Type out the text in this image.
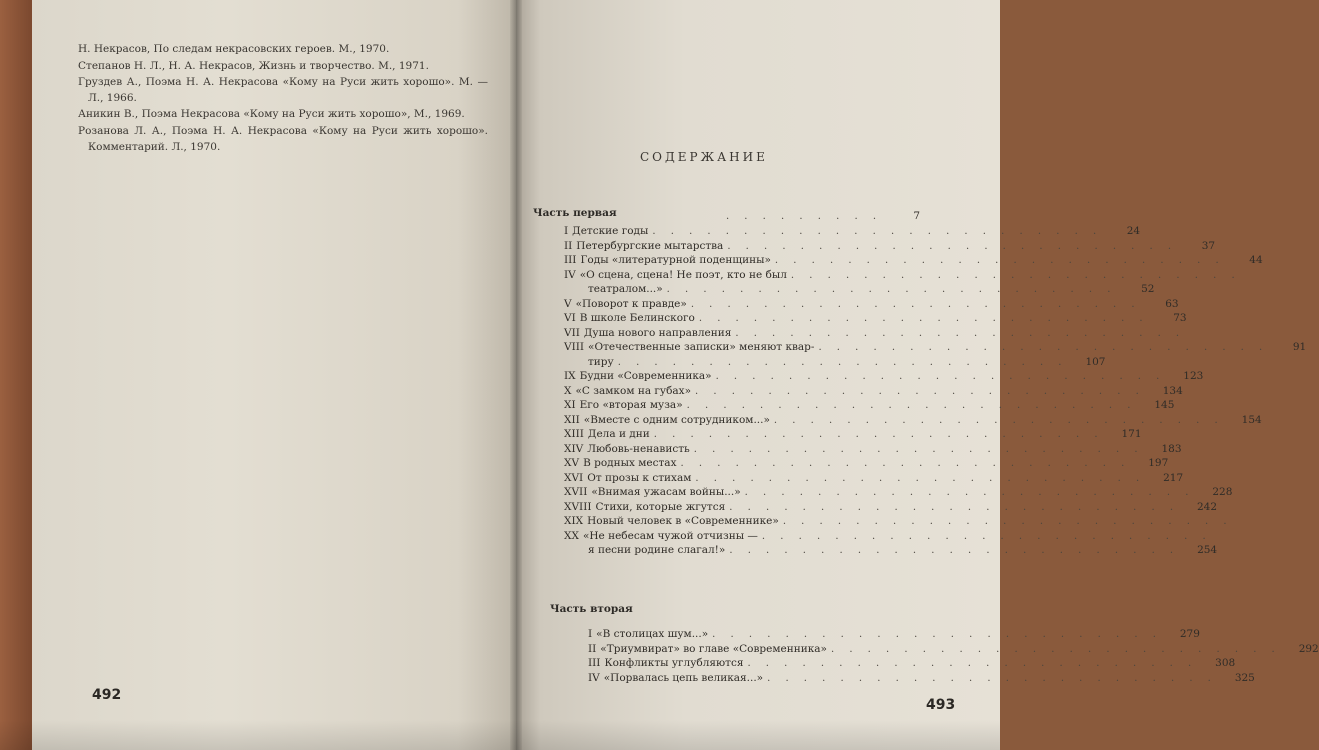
Н. Некрасов, По следам некрасовских героев. М., 1970.
Степанов Н. Л., Н. А. Некрасов, Жизнь и творчество. М., 1971.
Груздев А., Поэма Н. А. Некрасова «Кому на Руси жить хорошо». М. — Л., 1966.
Аникин В., Поэма Некрасова «Кому на Руси жить хорошо», М., 1969.
Розанова Л. А., Поэма Н. А. Некрасова «Кому на Руси жить хорошо». Комментарий. Л., 1970.
492
СОДЕРЖАНИЕ
Часть первая	. . . . . . . . .	7
I Детские годы . . . . . . . . . . . . . . . . . . . . . . . . .	24
II Петербургские мытарства . . . . . . . . . . . . . . . . . . . . . . . . .	37
III Годы «литературной поденщины» . . . . . . . . . . . . . . . . . . . . . . . . .	44
IV «О сцена, сцена! Не поэт, кто не был . . . . . . . . . . . . . . . . . . . . . . . . .
театралом...» . . . . . . . . . . . . . . . . . . . . . . . . .	52
V «Поворот к правде» . . . . . . . . . . . . . . . . . . . . . . . . .	63
VI В школе Белинского . . . . . . . . . . . . . . . . . . . . . . . . .	73
VII Душа нового направления . . . . . . . . . . . . . . . . . . . . . . . . .
VIII «Отечественные записки» меняют квар- . . . . . . . . . . . . . . . . . . . . . . . . .	91
тиру . . . . . . . . . . . . . . . . . . . . . . . . .	107
IX Будни «Современника» . . . . . . . . . . . . . . . . . . . . . . . . .	123
X «С замком на губах» . . . . . . . . . . . . . . . . . . . . . . . . .	134
XI Его «вторая муза» . . . . . . . . . . . . . . . . . . . . . . . . .	145
XII «Вместе с одним сотрудником...» . . . . . . . . . . . . . . . . . . . . . . . . .	154
XIII Дела и дни . . . . . . . . . . . . . . . . . . . . . . . . .	171
XIV Любовь-ненависть . . . . . . . . . . . . . . . . . . . . . . . . .	183
XV В родных местах . . . . . . . . . . . . . . . . . . . . . . . . .	197
XVI От прозы к стихам . . . . . . . . . . . . . . . . . . . . . . . . .	217
XVII «Внимая ужасам войны...» . . . . . . . . . . . . . . . . . . . . . . . . .	228
XVIII Стихи, которые жгутся . . . . . . . . . . . . . . . . . . . . . . . . .	242
XIX Новый человек в «Современнике» . . . . . . . . . . . . . . . . . . . . . . . . .
XX «Не небесам чужой отчизны — . . . . . . . . . . . . . . . . . . . . . . . . .
я песни родине слагал!» . . . . . . . . . . . . . . . . . . . . . . . . .	254
Часть вторая
I «В столицах шум...» . . . . . . . . . . . . . . . . . . . . . . . . .	279
II «Триумвират» во главе «Современника» . . . . . . . . . . . . . . . . . . . . . . . . .	292
III Конфликты углубляются . . . . . . . . . . . . . . . . . . . . . . . . .	308
IV «Порвалась цепь великая...» . . . . . . . . . . . . . . . . . . . . . . . . .	325
493
